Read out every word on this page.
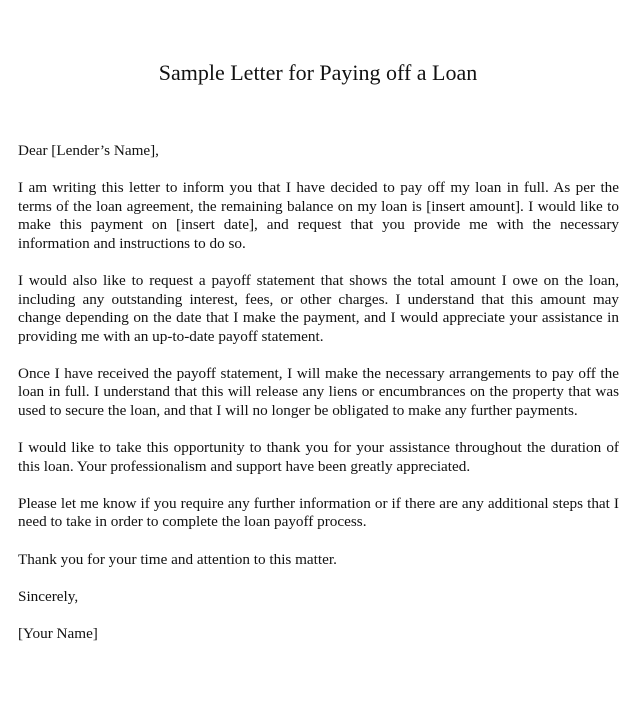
Sample Letter for Paying off a Loan

Dear [Lender’s Name],

I am writing this letter to inform you that I have decided to pay off my loan in full. As per the terms of the loan agreement, the remaining balance on my loan is [insert amount]. I would like to make this payment on [insert date], and request that you provide me with the necessary information and instructions to do so.

I would also like to request a payoff statement that shows the total amount I owe on the loan, including any outstanding interest, fees, or other charges. I understand that this amount may change depending on the date that I make the payment, and I would appreciate your assistance in providing me with an up-to-date payoff statement.

Once I have received the payoff statement, I will make the necessary arrangements to pay off the loan in full. I understand that this will release any liens or encumbrances on the property that was used to secure the loan, and that I will no longer be obligated to make any further payments.

I would like to take this opportunity to thank you for your assistance throughout the duration of this loan. Your professionalism and support have been greatly appreciated.

Please let me know if you require any further information or if there are any additional steps that I need to take in order to complete the loan payoff process.

Thank you for your time and attention to this matter.

Sincerely,

[Your Name]
